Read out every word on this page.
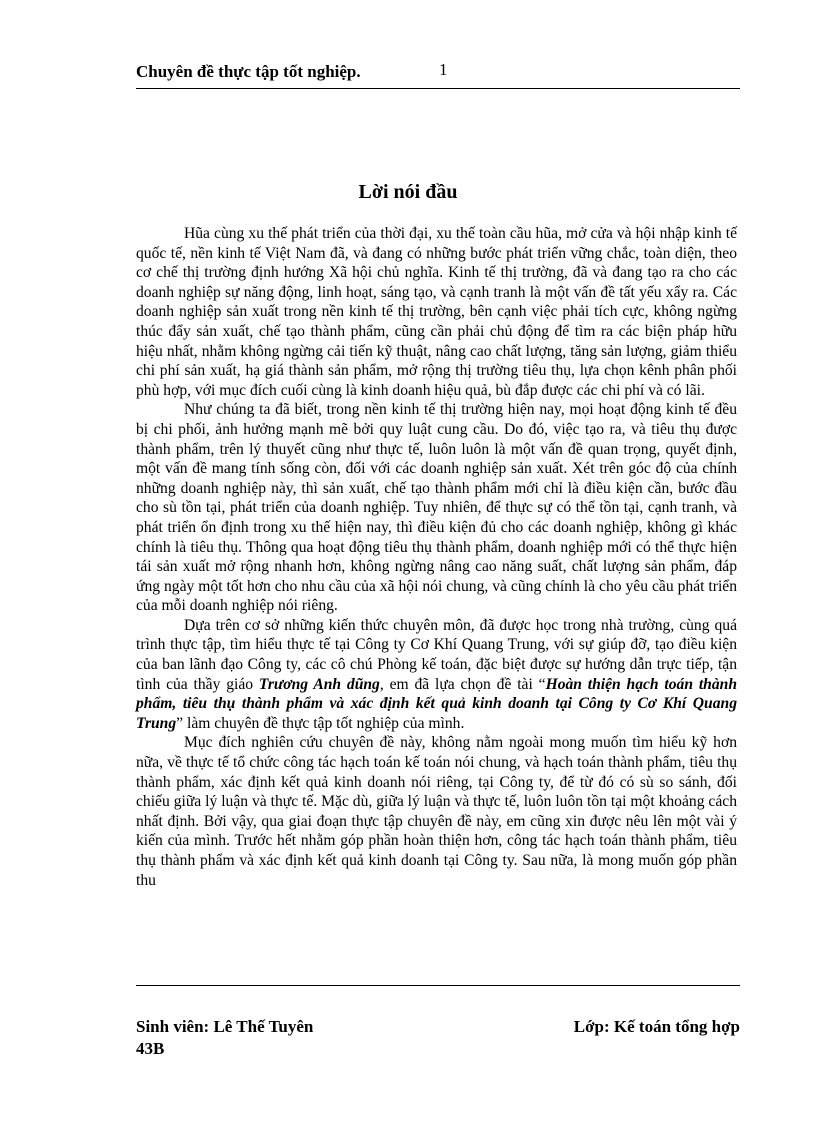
Chuyên đề thực tập tốt nghiệp.	1
Lời nói đầu

Hũa cùng xu thế phát triển của thời đại, xu thế toàn cầu hũa, mở cửa và hội nhập kinh tế quốc tế, nền kinh tế Việt Nam đã, và đang có những bước phát triển vững chắc, toàn diện, theo cơ chế thị trường định hướng Xã hội chủ nghĩa. Kinh tế thị trường, đã và đang tạo ra cho các doanh nghiệp sự năng động, linh hoạt, sáng tạo, và cạnh tranh là một vấn đề tất yếu xẩy ra. Các doanh nghiệp sản xuất trong nền kinh tế thị trường, bên cạnh việc phải tích cực, không ngừng thúc đẩy sản xuất, chế tạo thành phẩm, cũng cần phải chủ động để tìm ra các biện pháp hữu hiệu nhất, nhằm không ngừng cải tiến kỹ thuật, nâng cao chất lượng, tăng sản lượng, giảm thiểu chi phí sản xuất, hạ giá thành sản phẩm, mở rộng thị trường tiêu thụ, lựa chọn kênh phân phối phù hợp, với mục đích cuối cùng là kinh doanh hiệu quả, bù đắp được các chi phí và có lãi.

Như chúng ta đã biết, trong nền kinh tế thị trường hiện nay, mọi hoạt động kinh tế đều bị chi phối, ảnh hưởng mạnh mẽ bởi quy luật cung cầu. Do đó, việc tạo ra, và tiêu thụ được thành phẩm, trên lý thuyết cũng như thực tế, luôn luôn là một vấn đề quan trọng, quyết định, một vấn đề mang tính sống còn, đối với các doanh nghiệp sản xuất. Xét trên góc độ của chính những doanh nghiệp này, thì sản xuất, chế tạo thành phẩm mới chỉ là điều kiện cần, bước đầu cho sù tồn tại, phát triển của doanh nghiệp. Tuy nhiên, để thực sự có thể tồn tại, cạnh tranh, và phát triển ổn định trong xu thế hiện nay, thì điều kiện đủ cho các doanh nghiệp, không gì khác chính là tiêu thụ. Thông qua hoạt động tiêu thụ thành phẩm, doanh nghiệp mới có thể thực hiện tái sản xuất mở rộng nhanh hơn, không ngừng nâng cao năng suất, chất lượng sản phẩm, đáp ứng ngày một tốt hơn cho nhu cầu của xã hội nói chung, và cũng chính là cho yêu cầu phát triển của mỗi doanh nghiệp nói riêng.

Dựa trên cơ sở những kiến thức chuyên môn, đã được học trong nhà trường, cùng quá trình thực tập, tìm hiểu thực tế tại Công ty Cơ Khí Quang Trung, với sự giúp đỡ, tạo điều kiện của ban lãnh đạo Công ty, các cô chú Phòng kế toán, đặc biệt được sự hướng dẫn trực tiếp, tận tình của thầy giáo Trương Anh dũng, em đã lựa chọn đề tài “Hoàn thiện hạch toán thành phẩm, tiêu thụ thành phẩm và xác định kết quả kinh doanh tại Công ty Cơ Khí Quang Trung” làm chuyên đề thực tập tốt nghiệp của mình.

Mục đích nghiên cứu chuyên đề này, không nằm ngoài mong muốn tìm hiểu kỹ hơn nữa, về thực tế tổ chức công tác hạch toán kế toán nói chung, và hạch toán thành phẩm, tiêu thụ thành phẩm, xác định kết quả kinh doanh nói riêng, tại Công ty, để từ đó có sù so sánh, đối chiếu giữa lý luận và thực tế. Mặc dù, giữa lý luận và thực tế, luôn luôn tồn tại một khoảng cách nhất định. Bởi vậy, qua giai đoạn thực tập chuyên đề này, em cũng xin được nêu lên một vài ý kiến của mình. Trước hết nhằm góp phần hoàn thiện hơn, công tác hạch toán thành phẩm, tiêu thụ thành phẩm và xác định kết quả kinh doanh tại Công ty. Sau nữa, là mong muốn góp phần thu

Sinh viên: Lê Thế Tuyên	Lớp: Kế toán tổng hợp
43B
